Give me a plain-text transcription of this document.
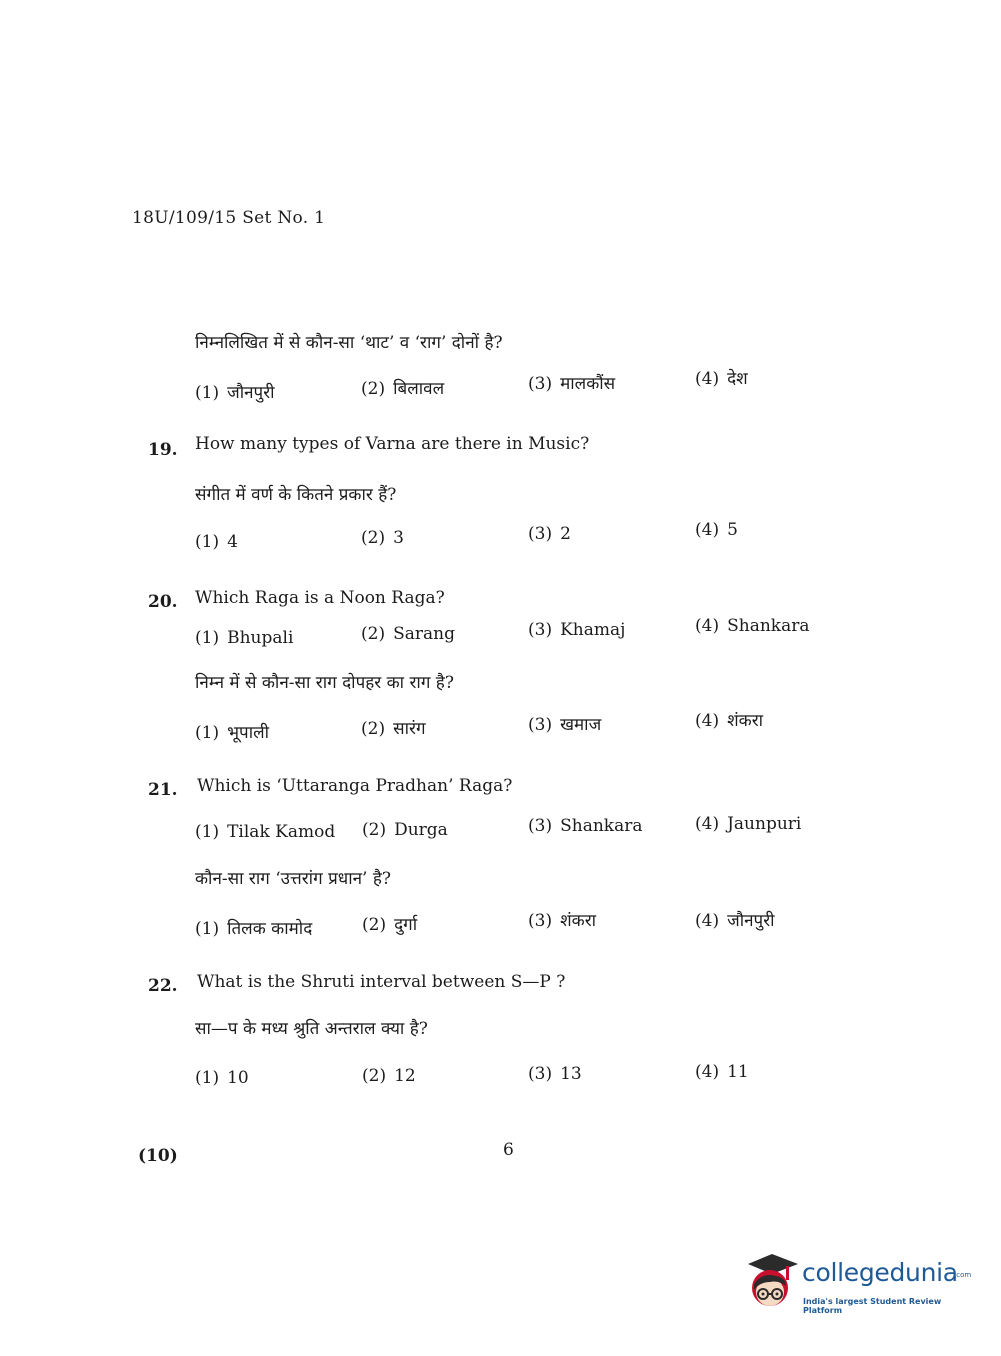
18U/109/15 Set No. 1
निम्नलिखित में से कौन-सा ‘थाट’ व ‘राग’ दोनों है?
(1) जौनपुरी	(2) बिलावल	(3) मालकौंस	(4) देश
19. How many types of Varna are there in Music?
संगीत में वर्ण के कितने प्रकार हैं?
(1) 4	(2) 3	(3) 2	(4) 5
20. Which Raga is a Noon Raga?
(1) Bhupali	(2) Sarang	(3) Khamaj	(4) Shankara
निम्न में से कौन-सा राग दोपहर का राग है?
(1) भूपाली	(2) सारंग	(3) खमाज	(4) शंकरा
21. Which is ‘Uttaranga Pradhan’ Raga?
(1) Tilak Kamod (2) Durga	(3) Shankara	(4) Jaunpuri
कौन-सा राग ‘उत्तरांग प्रधान’ है?
(1) तिलक कामोद	(2) दुर्गा	(3) शंकरा	(4) जौनपुरी
22. What is the Shruti interval between S—P ?
सा—प के मध्य श्रुति अन्तराल क्या है?
(1) 10	(2) 12	(3) 13	(4) 11
(10)	6
collegedunia
.com
India's largest Student Review Platform
